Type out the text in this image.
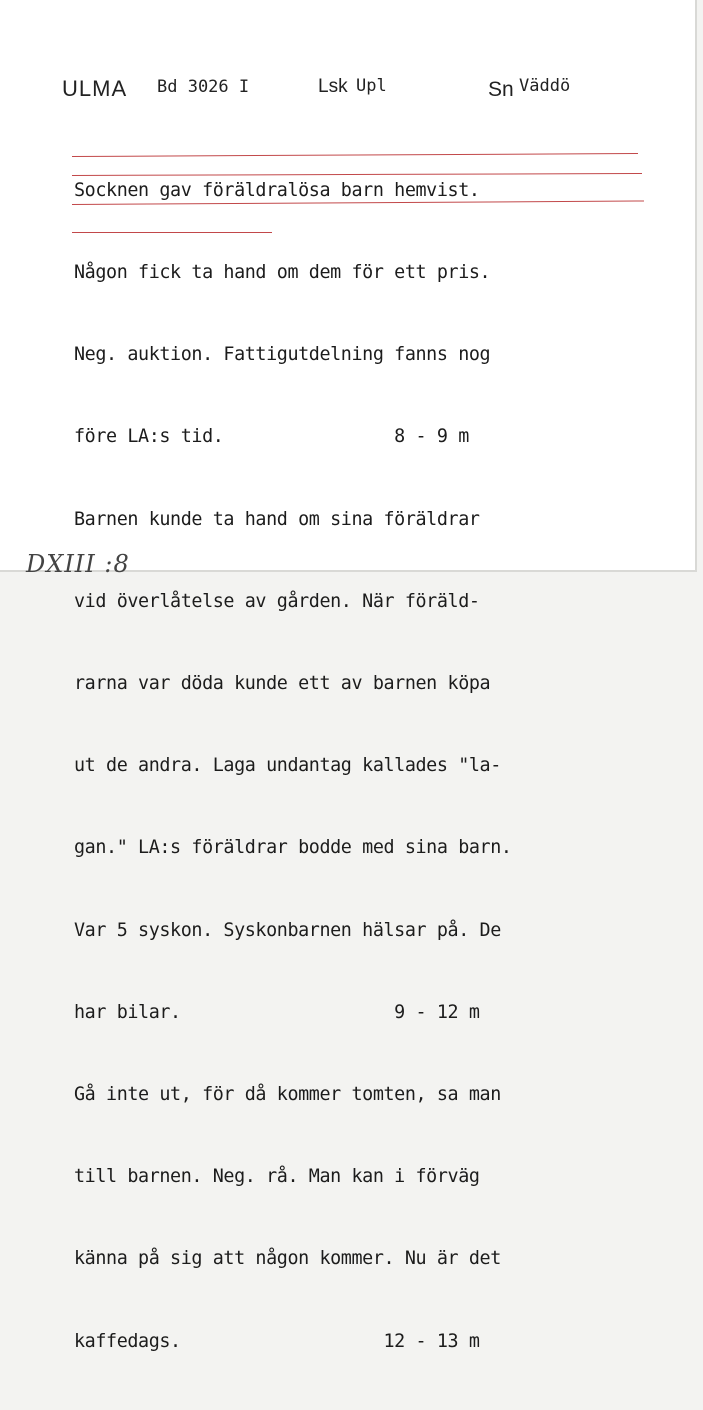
ULMA Bd 3026 I	Lsk Upl	Sn Väddö

Socknen gav föräldralösa barn hemvist.

Någon fick ta hand om dem för ett pris.

Neg. auktion. Fattigutdelning fanns nog

före LA:s tid.                8 - 9 m

Barnen kunde ta hand om sina föräldrar

vid överlåtelse av gården. När föräld-

rarna var döda kunde ett av barnen köpa

ut de andra. Laga undantag kallades "la-

gan." LA:s föräldrar bodde med sina barn.

Var 5 syskon. Syskonbarnen hälsar på. De

har bilar.                    9 - 12 m

Gå inte ut, för då kommer tomten, sa man

till barnen. Neg. rå. Man kan i förväg

känna på sig att någon kommer. Nu är det

kaffedags.                   12 - 13 m

DXIII :8
